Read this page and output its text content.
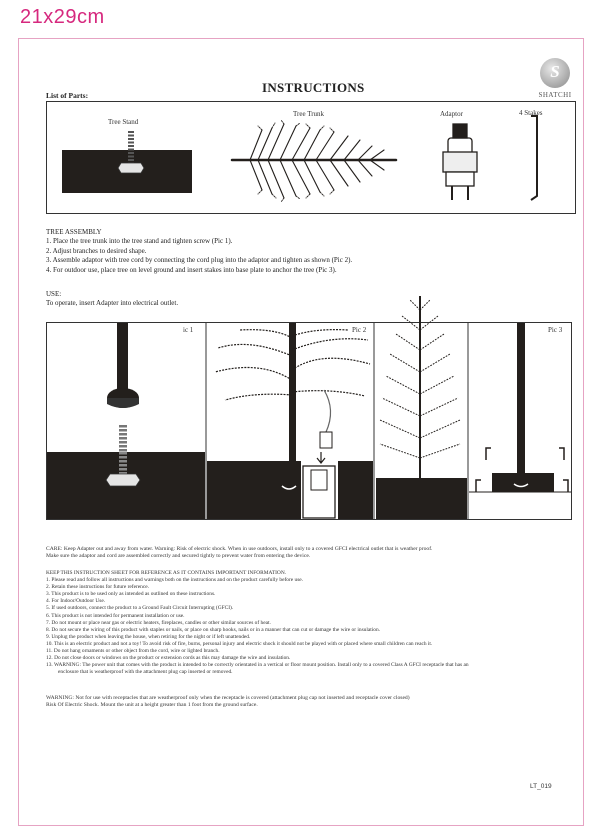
21x29cm
INSTRUCTIONS
S
SHATCHI
List of Parts:
Tree Stand
Tree Trunk	Adaptor	4 Stakes
TREE ASSEMBLY
1. Place the tree trunk into the tree stand and tighten screw (Pic 1).
2. Adjust branches to desired shape.
3. Assemble adaptor with tree cord by connecting the cord plug into the adaptor and tighten as shown (Pic 2).
4. For outdoor use, place tree on level ground and insert stakes into base plate to anchor the tree (Pic 3).
USE:
To operate, insert Adapter into electrical outlet.
ic 1	Pic 2	Pic 3
CARE: Keep Adapter out and away from water. Warning: Risk of electric shock. When in use outdoors, install only to a covered GFCI electrical outlet that is weather proof.
Make sure the adaptor and cord are assembled correctly and secured tightly to prevent water from entering the device.
KEEP THIS INSTRUCTION SHEET FOR REFERENCE AS IT CONTAINS IMPORTANT INFORMATION.
1. Please read and follow all instructions and warnings both on the instructions and on the product carefully before use.
2. Retain these instructions for future reference.
3. This product is to be used only as intended as outlined on these instructions.
4. For Indoor/Outdoor Use.
5. If used outdoors, connect the product to a Ground Fault Circuit Interrupting (GFCI).
6. This product is not intended for permanent installation or use.
7. Do not mount or place near gas or electric heaters, fireplaces, candles or other similar sources of heat.
8. Do not secure the wiring of this product with staples or nails, or place on sharp hooks, nails or in a manner that can cut or damage the wire or insulation.
9. Unplug the product when leaving the house, when retiring for the night or if left unattended.
10. This is an electric product and not a toy! To avoid risk of fire, burns, personal injury and electric shock it should not be played with or placed where small children can reach it.
11. Do not hang ornaments or other object from the cord, wire or lighted branch.
12. Do not close doors or windows on the product or extension cords as this may damage the wire and insulation.
13. WARNING: The power unit that comes with the product is intended to be correctly orientated in a vertical or floor mount position. Install only to a covered Class A GFCI receptacle that has an
enclosure that is weatherproof with the attachment plug cap inserted or removed.
WARNING: Not for use with receptacles that are weatherproof only when the receptacle is covered (attachment plug cap not inserted and receptacle cover closed)
Risk Of Electric Shock. Mount the unit at a height greater than 1 foot from the ground surface.
LT_019
